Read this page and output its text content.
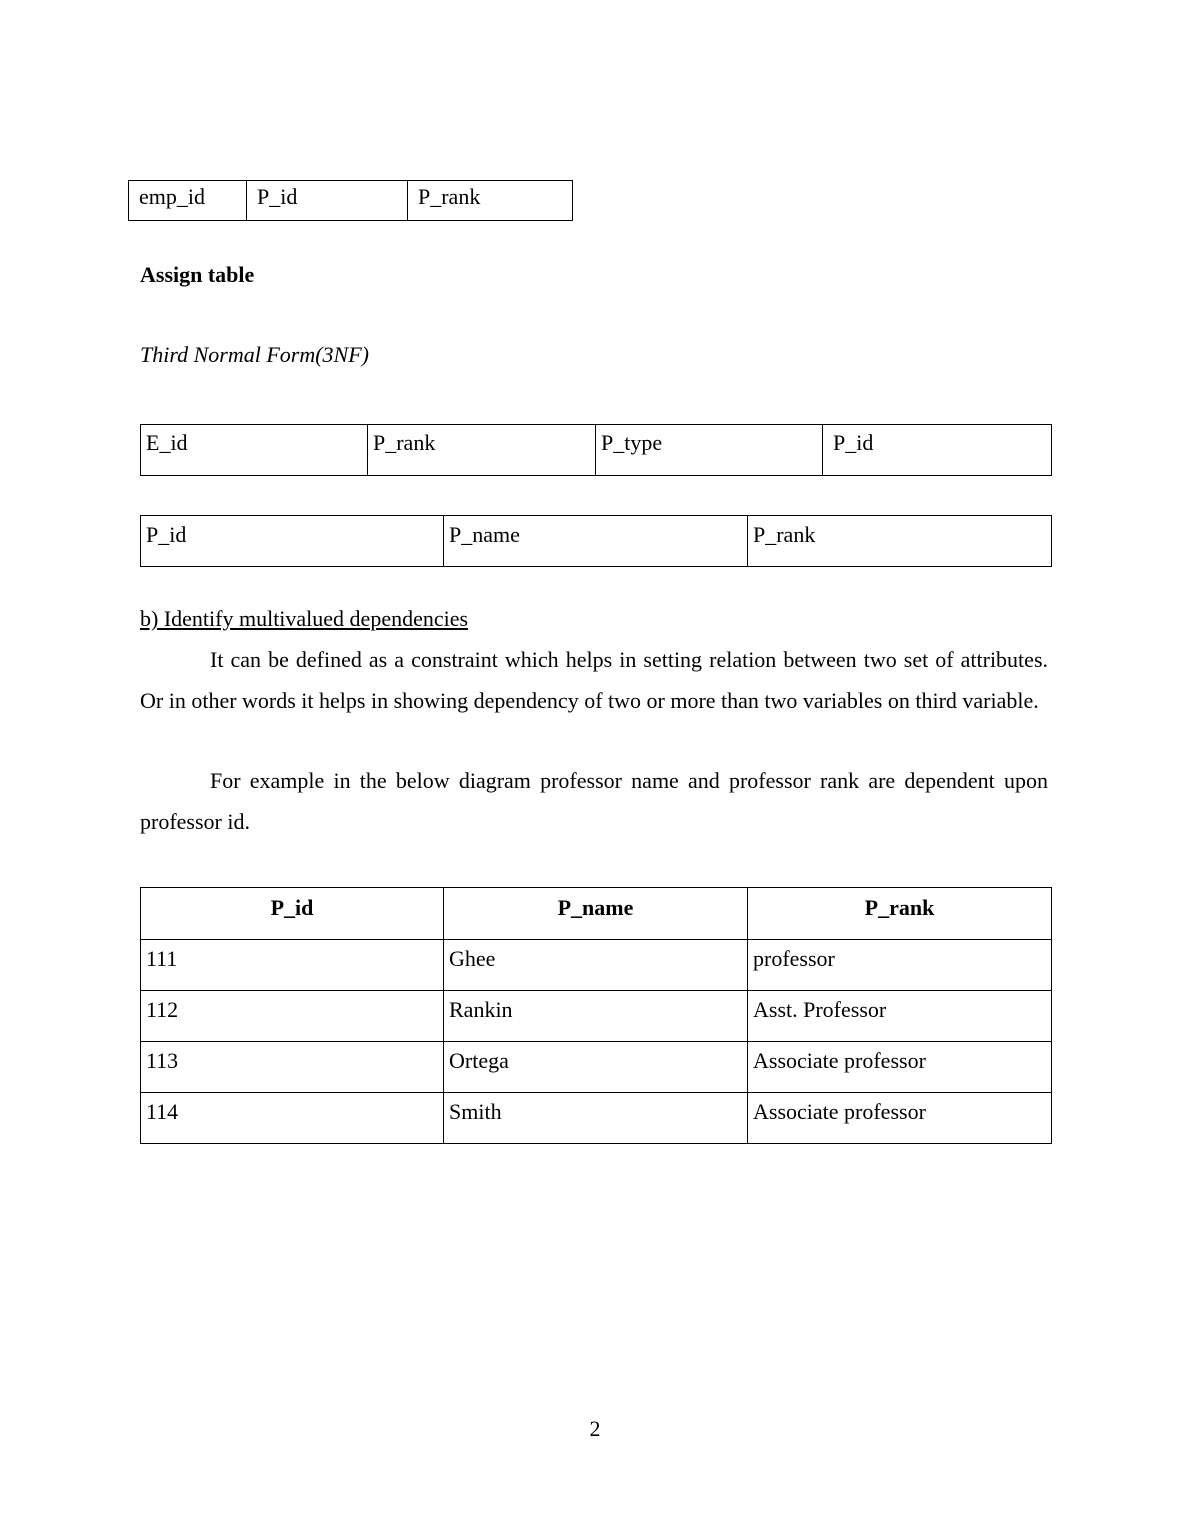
emp_id	P_id	P_rank

Assign table

Third Normal Form(3NF)

E_id	P_rank	P_type	P_id
P_id	P_name	P_rank

b) Identify multivalued dependencies

It can be defined as a constraint which helps in setting relation between two set of attributes. Or in other words it helps in showing dependency of two or more than two variables on third variable.

For example in the below diagram professor name and professor rank are dependent upon professor id.

P_id	P_name	P_rank
111	Ghee	professor
112	Rankin	Asst. Professor
113	Ortega	Associate professor
114	Smith	Associate professor

2
